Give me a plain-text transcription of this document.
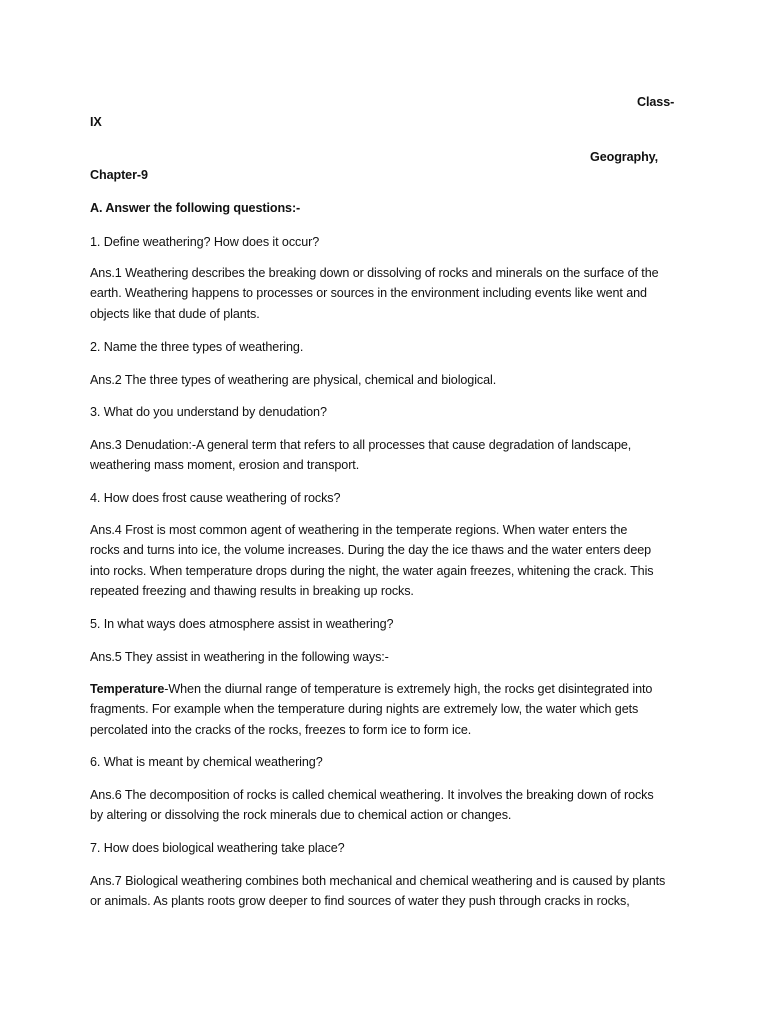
Class-
IX
Geography,
Chapter-9
A. Answer the following questions:-
1. Define weathering? How does it occur?

Ans.1 Weathering describes the breaking down or dissolving of rocks and minerals on the surface of the

earth. Weathering happens to processes or sources in the environment including events like went and

objects like that dude of plants.

2. Name the three types of weathering.
Ans.2 The three types of weathering are physical, chemical and biological.
3. What do you understand by denudation?

Ans.3 Denudation:-A general term that refers to all processes that cause degradation of landscape,

weathering mass moment, erosion and transport.

4. How does frost cause weathering of rocks?

Ans.4 Frost is most common agent of weathering in the temperate regions. When water enters the

rocks and turns into ice, the volume increases. During the day the ice thaws and the water enters deep

into rocks. When temperature drops during the night, the water again freezes, whitening the crack. This

repeated freezing and thawing results in breaking up rocks.

5. In what ways does atmosphere assist in weathering?
Ans.5 They assist in weathering in the following ways:-

Temperature-When the diurnal range of temperature is extremely high, the rocks get disintegrated into

fragments. For example when the temperature during nights are extremely low, the water which gets

percolated into the cracks of the rocks, freezes to form ice to form ice.

6. What is meant by chemical weathering?

Ans.6 The decomposition of rocks is called chemical weathering. It involves the breaking down of rocks

by altering or dissolving the rock minerals due to chemical action or changes.

7. How does biological weathering take place?

Ans.7 Biological weathering combines both mechanical and chemical weathering and is caused by plants

or animals. As plants roots grow deeper to find sources of water they push through cracks in rocks,
